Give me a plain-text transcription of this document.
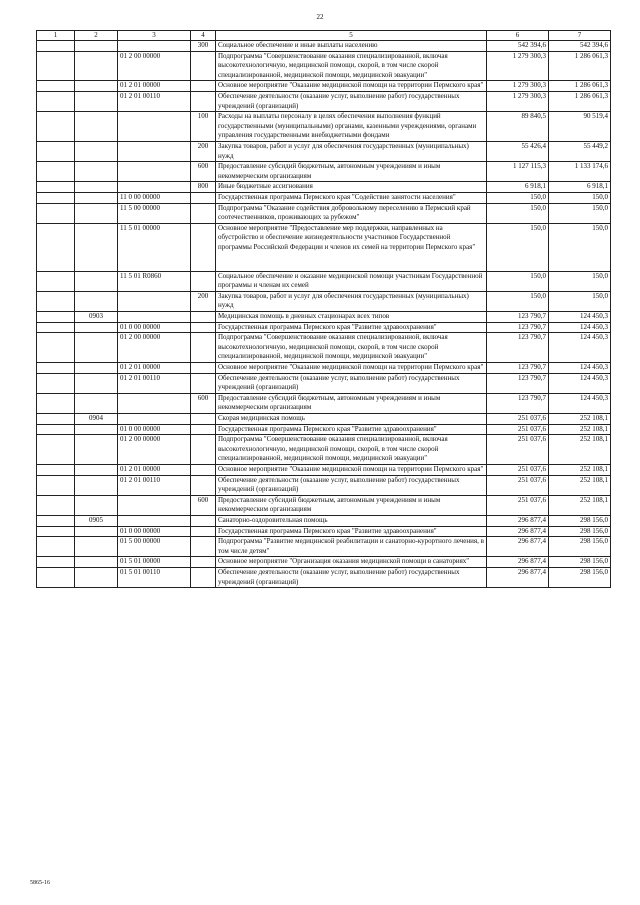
22
1	2	3	4	5	6	7
			300	Социальное обеспечение и иные выплаты населению	542 394,6	542 394,6
		01 2 00 00000		Подпрограмма "Совершенствование оказания специализированной, включая высокотехнологичную, медицинской помощи, скорой, в том числе скорой специализированной, медицинской помощи, медицинской эвакуации"	1 279 300,3	1 286 061,3
		01 2 01 00000		Основное мероприятие "Оказание медицинской помощи на территории Пермского края"	1 279 300,3	1 286 061,3
		01 2 01 00110		Обеспечение деятельности (оказание услуг, выполнение работ) государственных учреждений (организаций)	1 279 300,3	1 286 061,3
			100	Расходы на выплаты персоналу в целях обеспечения выполнения функций государственными (муниципальными) органами, казенными учреждениями, органами управления государственными внебюджетными фондами	89 840,5	90 519,4
			200	Закупка товаров, работ и услуг для обеспечения государственных (муниципальных) нужд	55 426,4	55 449,2
			600	Предоставление субсидий бюджетным, автономным учреждениям и иным некоммерческим организациям	1 127 115,3	1 133 174,6
			800	Иные бюджетные ассигнования	6 918,1	6 918,1
		11 0 00 00000		Государственная программа Пермского края "Содействие занятости населения"	150,0	150,0
		11 5 00 00000		Подпрограмма "Оказание содействия добровольному переселению в Пермский край соотечественников, проживающих за рубежом"	150,0	150,0
		11 5 01 00000		Основное мероприятие "Предоставление мер поддержки, направленных на обустройство и обеспечение жизнедеятельности участников Государственной программы Российской Федерации и членов их семей на территории Пермского края"	150,0	150,0
		11 5 01 R0860		Социальное обеспечение и оказание медицинской помощи участникам Государственной программы и членам их семей	150,0	150,0
			200	Закупка товаров, работ и услуг для обеспечения государственных (муниципальных) нужд	150,0	150,0
	0903			Медицинская помощь в дневных стационарах всех типов	123 790,7	124 450,3
		01 0 00 00000		Государственная программа Пермского края "Развитие здравоохранения"	123 790,7	124 450,3
		01 2 00 00000		Подпрограмма "Совершенствование оказания специализированной, включая высокотехнологичную, медицинской помощи, скорой, в том числе скорой специализированной, медицинской помощи, медицинской эвакуации"	123 790,7	124 450,3
		01 2 01 00000		Основное мероприятие "Оказание медицинской помощи на территории Пермского края"	123 790,7	124 450,3
		01 2 01 00110		Обеспечение деятельности (оказание услуг, выполнение работ) государственных учреждений (организаций)	123 790,7	124 450,3
			600	Предоставление субсидий бюджетным, автономным учреждениям и иным некоммерческим организациям	123 790,7	124 450,3
	0904			Скорая медицинская помощь	251 037,6	252 108,1
		01 0 00 00000		Государственная программа Пермского края "Развитие здравоохранения"	251 037,6	252 108,1
		01 2 00 00000		Подпрограмма "Совершенствование оказания специализированной, включая высокотехнологичную, медицинской помощи, скорой, в том числе скорой специализированной, медицинской помощи, медицинской эвакуации"	251 037,6	252 108,1
		01 2 01 00000		Основное мероприятие "Оказание медицинской помощи на территории Пермского края"	251 037,6	252 108,1
		01 2 01 00110		Обеспечение деятельности (оказание услуг, выполнение работ) государственных учреждений (организаций)	251 037,6	252 108,1
			600	Предоставление субсидий бюджетным, автономным учреждениям и иным некоммерческим организациям	251 037,6	252 108,1
	0905			Санаторно-оздоровительная помощь	296 877,4	298 156,0
		01 0 00 00000		Государственная программа Пермского края "Развитие здравоохранения"	296 877,4	298 156,0
		01 5 00 00000		Подпрограмма "Развитие медицинской реабилитации и санаторно-курортного лечения, в том числе детям"	296 877,4	298 156,0
		01 5 01 00000		Основное мероприятие "Организация оказания медицинской помощи в санаториях"	296 877,4	298 156,0
		01 5 01 00110		Обеспечение деятельности (оказание услуг, выполнение работ) государственных учреждений (организаций)	296 877,4	298 156,0
5865-16
